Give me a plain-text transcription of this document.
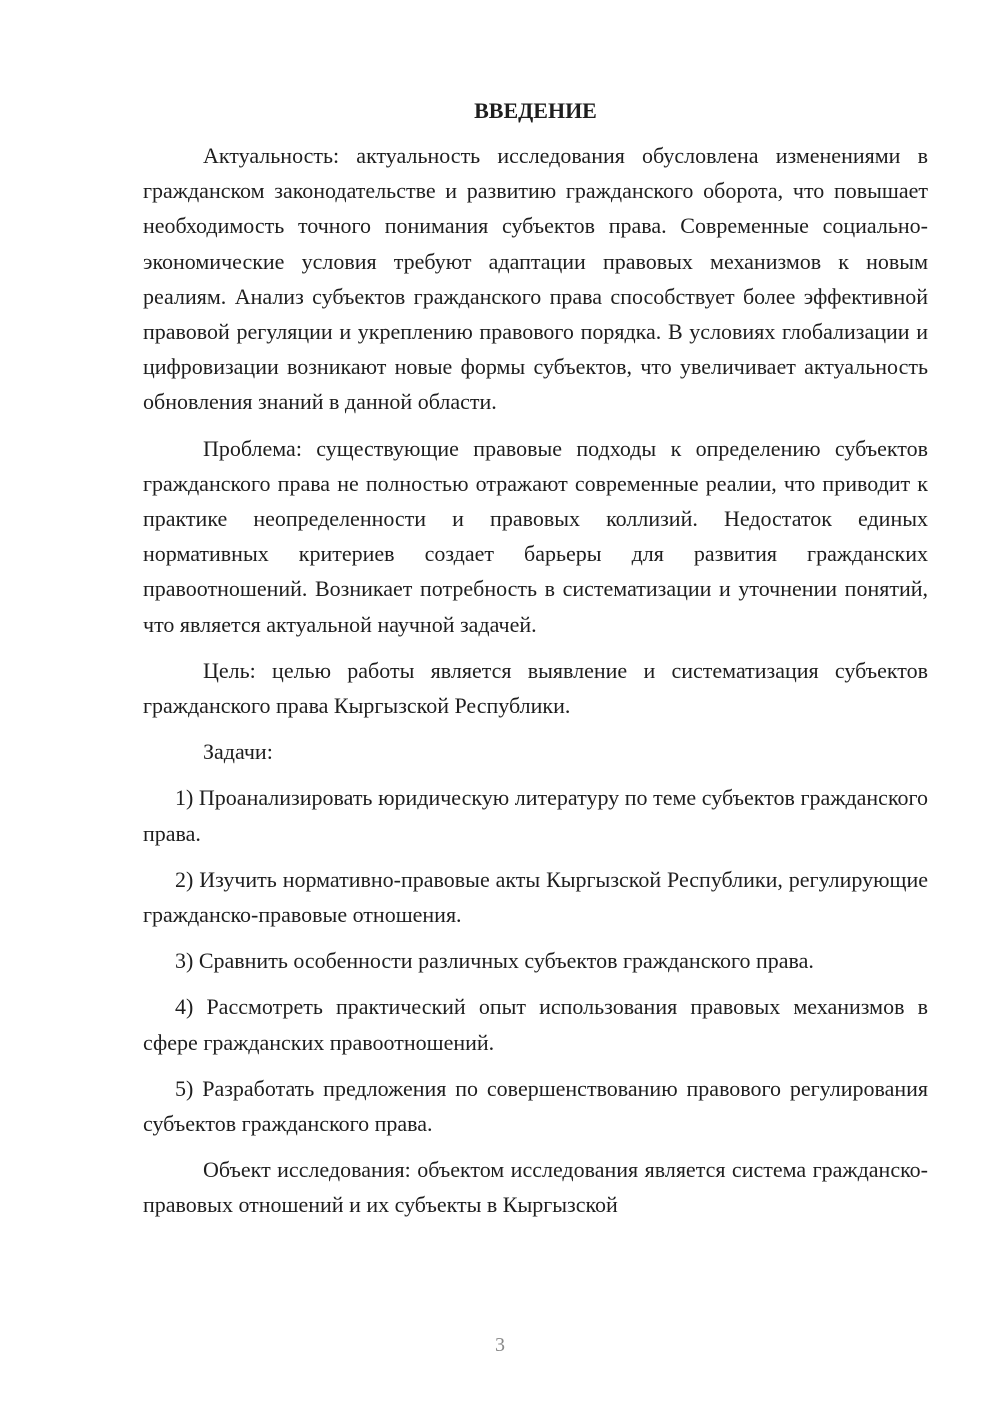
ВВЕДЕНИЕ

Актуальность: актуальность исследования обусловлена изменениями в гражданском законодательстве и развитию гражданского оборота, что повышает необходимость точного понимания субъектов права. Современные социально-экономические условия требуют адаптации правовых механизмов к новым реалиям. Анализ субъектов гражданского права способствует более эффективной правовой регуляции и укреплению правового порядка. В условиях глобализации и цифровизации возникают новые формы субъектов, что увеличивает актуальность обновления знаний в данной области.

Проблема: существующие правовые подходы к определению субъектов гражданского права не полностью отражают современные реалии, что приводит к практике неопределенности и правовых коллизий. Недостаток единых нормативных критериев создает барьеры для развития гражданских правоотношений. Возникает потребность в систематизации и уточнении понятий, что является актуальной научной задачей.

Цель: целью работы является выявление и систематизация субъектов гражданского права Кыргызской Республики.

Задачи:

1) Проанализировать юридическую литературу по теме субъектов гражданского права.

2) Изучить нормативно-правовые акты Кыргызской Республики, регулирующие гражданско-правовые отношения.

3) Сравнить особенности различных субъектов гражданского права.

4) Рассмотреть практический опыт использования правовых механизмов в сфере гражданских правоотношений.

5) Разработать предложения по совершенствованию правового регулирования субъектов гражданского права.

Объект исследования: объектом исследования является система гражданско-правовых отношений и их субъекты в Кыргызской

3
